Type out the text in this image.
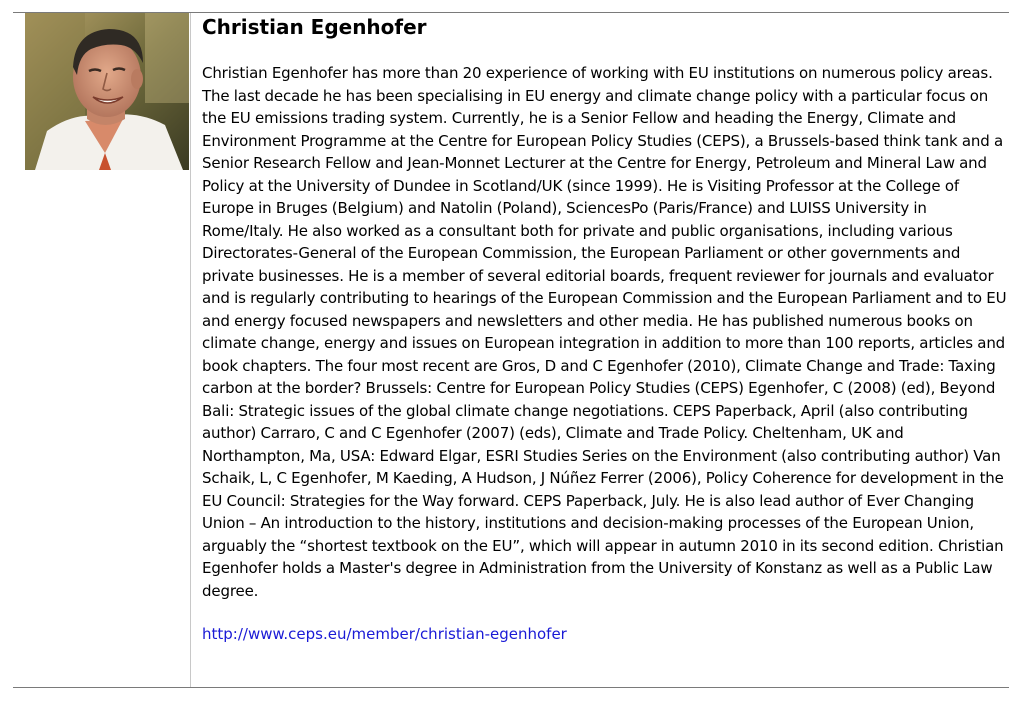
Christian Egenhofer

Christian Egenhofer has more than 20 experience of working with EU institutions on numerous policy areas. The last decade he has been specialising in EU energy and climate change policy with a particular focus on the EU emissions trading system. Currently, he is a Senior Fellow and heading the Energy, Climate and Environment Programme at the Centre for European Policy Studies (CEPS), a Brussels-based think tank and a Senior Research Fellow and Jean-Monnet Lecturer at the Centre for Energy, Petroleum and Mineral Law and Policy at the University of Dundee in Scotland/UK (since 1999). He is Visiting Professor at the College of Europe in Bruges (Belgium) and Natolin (Poland), SciencesPo (Paris/France) and LUISS University in Rome/Italy. He also worked as a consultant both for private and public organisations, including various Directorates-General of the European Commission, the European Parliament or other governments and private businesses. He is a member of several editorial boards, frequent reviewer for journals and evaluator and is regularly contributing to hearings of the European Commission and the European Parliament and to EU and energy focused newspapers and newsletters and other media. He has published numerous books on climate change, energy and issues on European integration in addition to more than 100 reports, articles and book chapters. The four most recent are Gros, D and C Egenhofer (2010), Climate Change and Trade: Taxing carbon at the border? Brussels: Centre for European Policy Studies (CEPS) Egenhofer, C (2008) (ed), Beyond Bali: Strategic issues of the global climate change negotiations. CEPS Paperback, April (also contributing author) Carraro, C and C Egenhofer (2007) (eds), Climate and Trade Policy. Cheltenham, UK and Northampton, Ma, USA: Edward Elgar, ESRI Studies Series on the Environment (also contributing author) Van Schaik, L, C Egenhofer, M Kaeding, A Hudson, J Núñez Ferrer (2006), Policy Coherence for development in the EU Council: Strategies for the Way forward. CEPS Paperback, July. He is also lead author of Ever Changing Union – An introduction to the history, institutions and decision-making processes of the European Union, arguably the “shortest textbook on the EU”, which will appear in autumn 2010 in its second edition. Christian Egenhofer holds a Master's degree in Administration from the University of Konstanz as well as a Public Law degree.

http://www.ceps.eu/member/christian-egenhofer
